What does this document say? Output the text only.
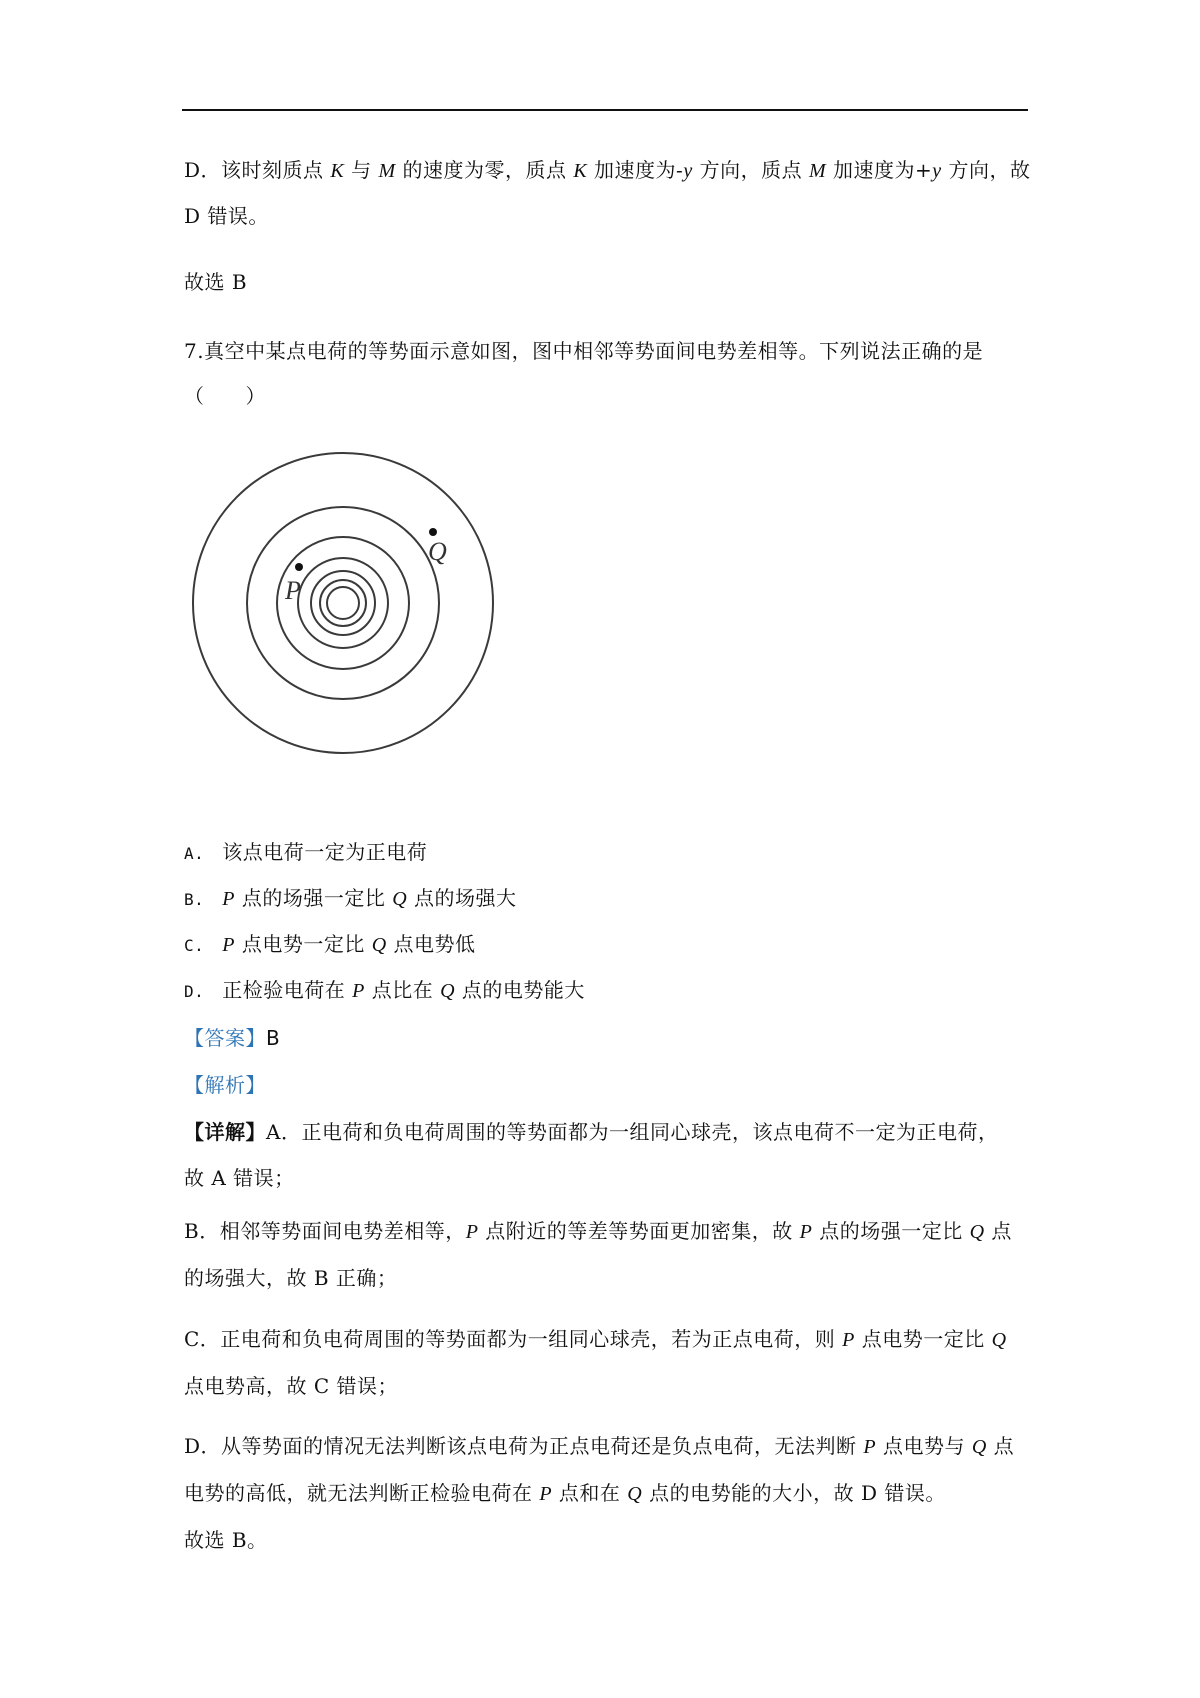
D．该时刻质点 K 与 M 的速度为零，质点 K 加速度为-y 方向，质点 M 加速度为+y 方向，故
D 错误。
故选 B
7.真空中某点电荷的等势面示意如图，图中相邻等势面间电势差相等。下列说法正确的是
（　　）
P
Q
A. 该点电荷一定为正电荷
B. P 点的场强一定比 Q 点的场强大
C. P 点电势一定比 Q 点电势低
D. 正检验电荷在 P 点比在 Q 点的电势能大
【答案】B
【解析】
【详解】A．正电荷和负电荷周围的等势面都为一组同心球壳，该点电荷不一定为正电荷，
故 A 错误；
B．相邻等势面间电势差相等，P 点附近的等差等势面更加密集，故 P 点的场强一定比 Q 点
的场强大，故 B 正确；
C．正电荷和负电荷周围的等势面都为一组同心球壳，若为正点电荷，则 P 点电势一定比 Q
点电势高，故 C 错误；
D．从等势面的情况无法判断该点电荷为正点电荷还是负点电荷，无法判断 P 点电势与 Q 点
电势的高低，就无法判断正检验电荷在 P 点和在 Q 点的电势能的大小，故 D 错误。
故选 B。
